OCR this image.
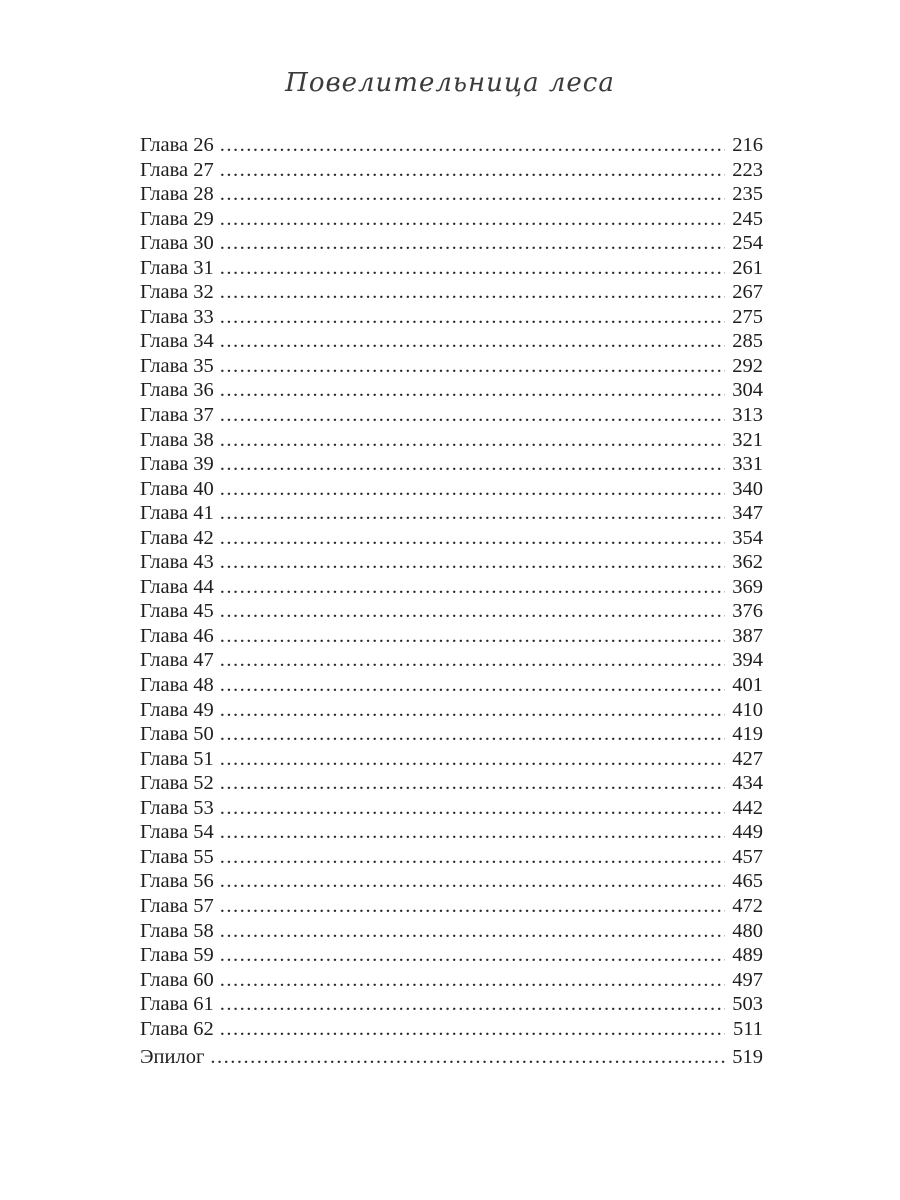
Повелительница леса
Глава 26 .....	216
Глава 27 .....	223
Глава 28 .....	235
Глава 29 .....	245
Глава 30 .....	254
Глава 31 .....	261
Глава 32 .....	267
Глава 33 .....	275
Глава 34 .....	285
Глава 35 .....	292
Глава 36 .....	304
Глава 37 .....	313
Глава 38 .....	321
Глава 39 .....	331
Глава 40 .....	340
Глава 41 .....	347
Глава 42 .....	354
Глава 43 .....	362
Глава 44 .....	369
Глава 45 .....	376
Глава 46 .....	387
Глава 47 .....	394
Глава 48 .....	401
Глава 49 .....	410
Глава 50 .....	419
Глава 51 .....	427
Глава 52 .....	434
Глава 53 .....	442
Глава 54 .....	449
Глава 55 .....	457
Глава 56 .....	465
Глава 57 .....	472
Глава 58 .....	480
Глава 59 .....	489
Глава 60 .....	497
Глава 61 .....	503
Глава 62 .....	511
Эпилог .....	519
